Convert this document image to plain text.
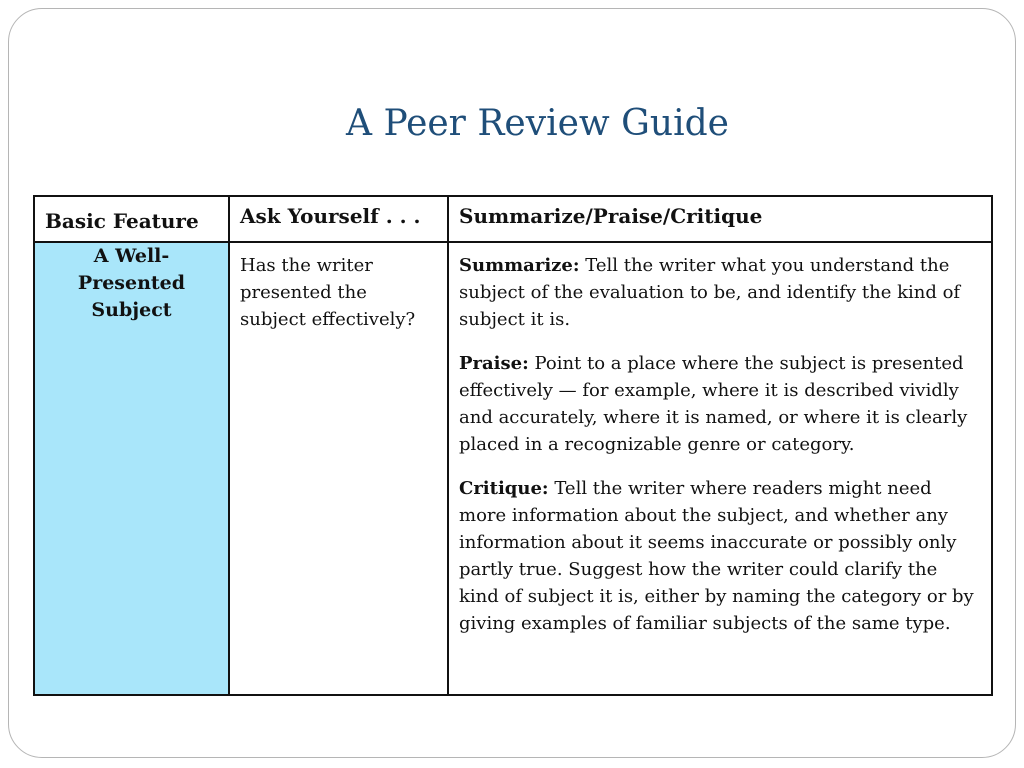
A Peer Review Guide
Basic Feature	Ask Yourself . . .	Summarize/Praise/Critique
A Well-Presented Subject	Has the writer presented the subject effectively?	Summarize: Tell the writer what you understand the subject of the evaluation to be, and identify the kind of subject it is.

Praise: Point to a place where the subject is presented effectively — for example, where it is described vividly and accurately, where it is named, or where it is clearly placed in a recognizable genre or category.

Critique: Tell the writer where readers might need more information about the subject, and whether any information about it seems inaccurate or possibly only partly true. Suggest how the writer could clarify the kind of subject it is, either by naming the category or by giving examples of familiar subjects of the same type.
